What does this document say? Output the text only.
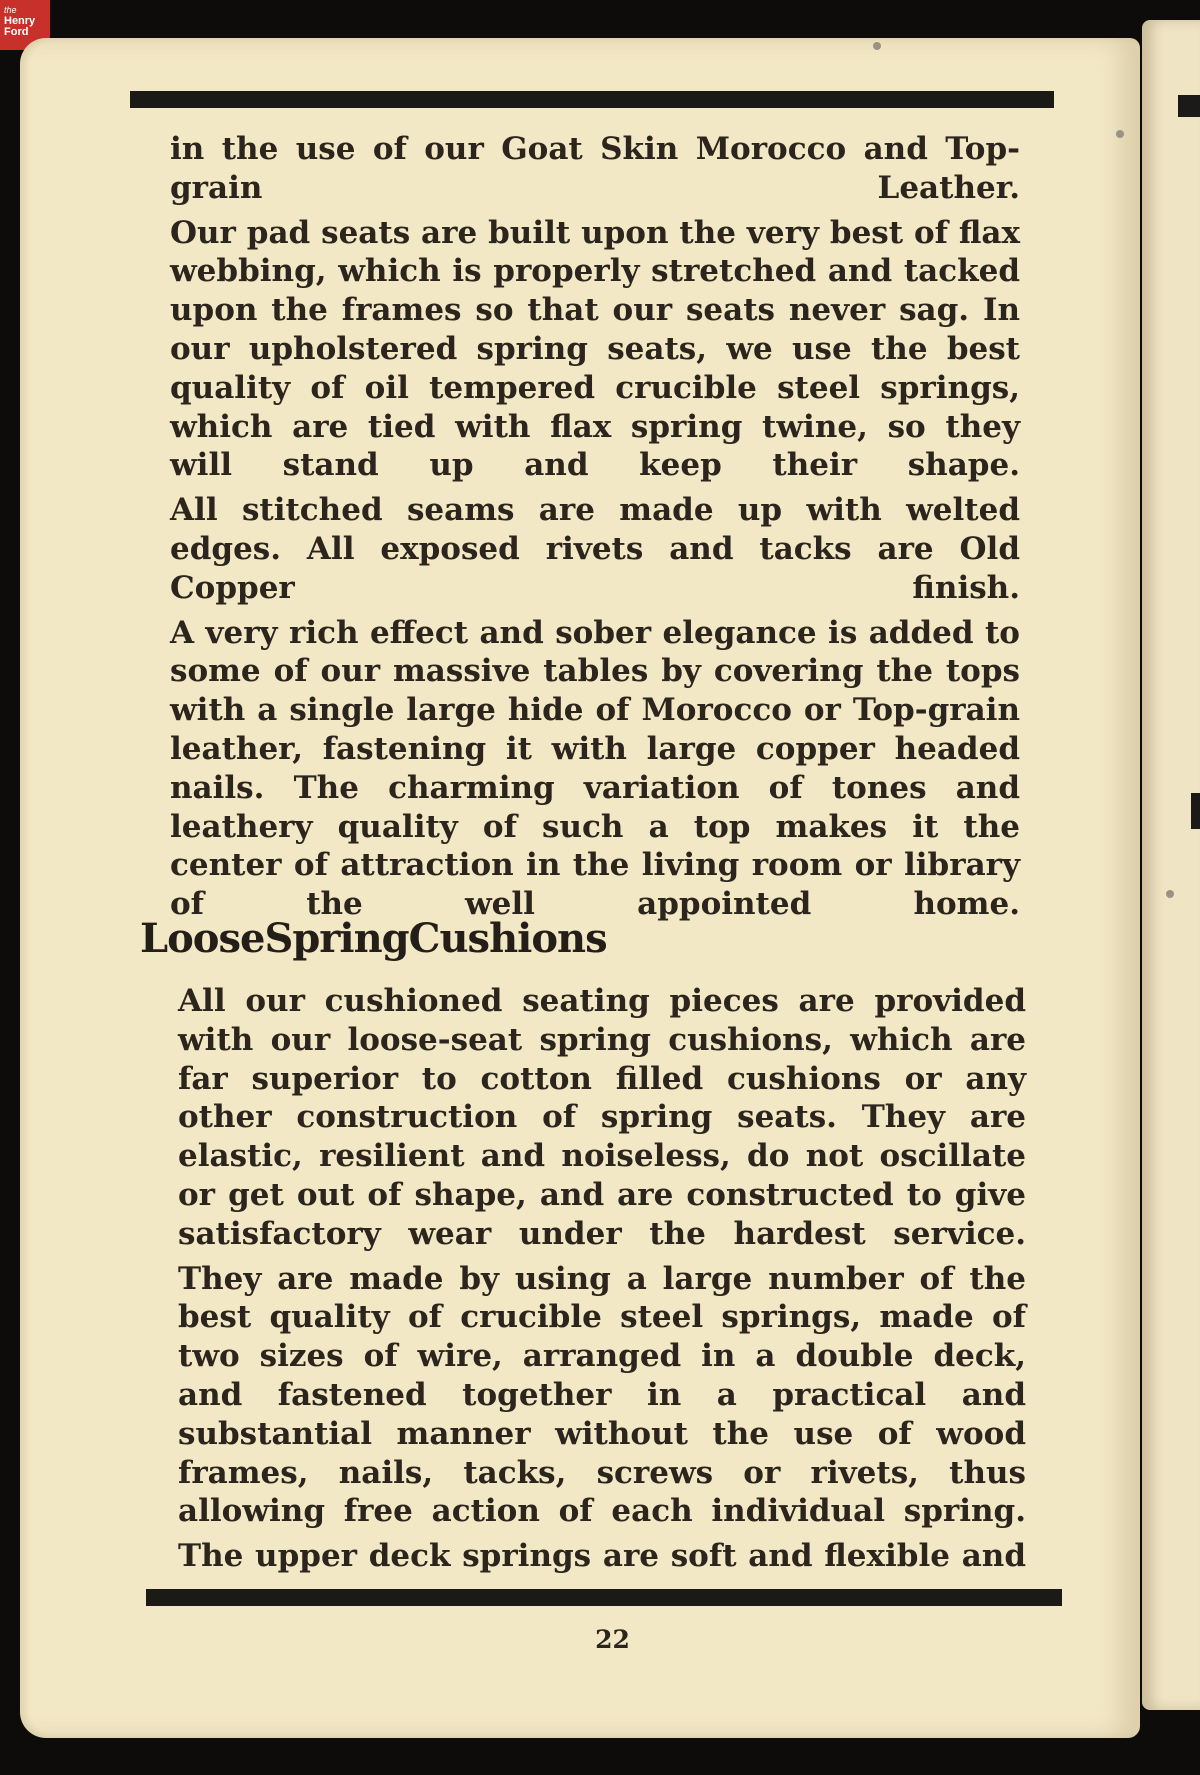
the
Henry
Ford

in the use of our Goat Skin Morocco and Top-grain Leather.

Our pad seats are built upon the very best of flax webbing, which is properly stretched and tacked upon the frames so that our seats never sag. In our upholstered spring seats, we use the best quality of oil tempered crucible steel springs, which are tied with flax spring twine, so they will stand up and keep their shape.

All stitched seams are made up with welted edges. All exposed rivets and tacks are Old Copper finish.

A very rich effect and sober elegance is added to some of our massive tables by covering the tops with a single large hide of Morocco or Top-grain leather, fastening it with large copper headed nails. The charming variation of tones and leathery quality of such a top makes it the center of attraction in the living room or library of the well appointed home.

LooseSpringCushions

All our cushioned seating pieces are provided with our loose-seat spring cushions, which are far superior to cotton filled cushions or any other construction of spring seats. They are elastic, resilient and noiseless, do not oscillate or get out of shape, and are constructed to give satisfactory wear under the hardest service.

They are made by using a large number of the best quality of crucible steel springs, made of two sizes of wire, arranged in a double deck, and fastened together in a practical and substantial manner without the use of wood frames, nails, tacks, screws or rivets, thus allowing free action of each individual spring.

The upper deck springs are soft and flexible and

22
